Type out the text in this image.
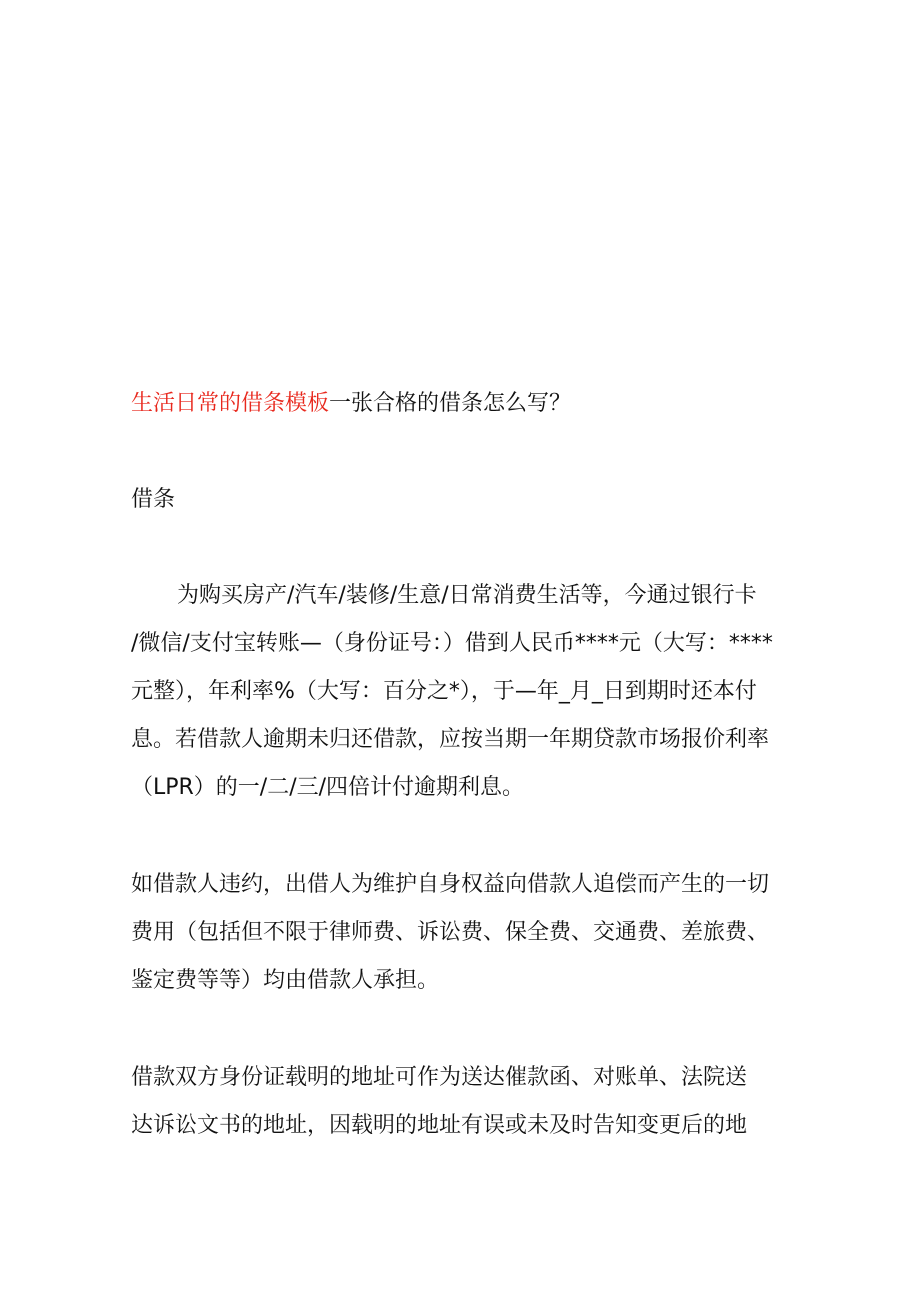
生活日常的借条模板一张合格的借条怎么写？
借条

为购买房产/汽车/装修/生意/日常消费生活等，今通过银行卡
/微信/支付宝转账—（身份证号：）借到人民币****元（大写：****
元整），年利率%（大写：百分之*），于—年_月_日到期时还本付
息。若借款人逾期未归还借款，应按当期一年期贷款市场报价利率
（LPR）的一/二/三/四倍计付逾期利息。

如借款人违约，出借人为维护自身权益向借款人追偿而产生的一切
费用（包括但不限于律师费、诉讼费、保全费、交通费、差旅费、
鉴定费等等）均由借款人承担。

借款双方身份证载明的地址可作为送达催款函、对账单、法院送
达诉讼文书的地址，因载明的地址有误或未及时告知变更后的地
